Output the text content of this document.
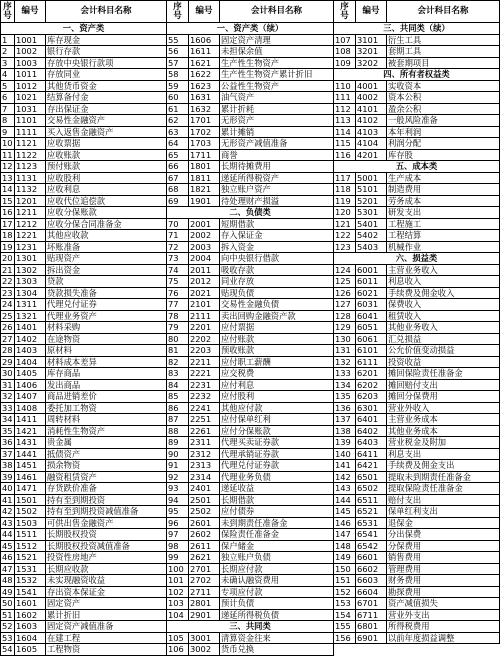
序
号	编号	会计科目名称
一、资产类		
1	1001	库存现金
2	1002	银行存款
3	1003	存放中央银行款项
4	1011	存放同业
5	1012	其他货币资金
6	1021	结算备付金
7	1031	存出保证金
8	1101	交易性金融资产
9	1111	买入返售金融资产
10	1121	应收票据
11	1122	应收账款
12	1123	预付账款
13	1131	应收股利
14	1132	应收利息
15	1201	应收代位追偿款
16	1211	应收分保账款
17	1212	应收分保合同准备金
18	1221	其他应收款
19	1231	坏账准备
20	1301	贴现资产
21	1302	拆出资金
22	1303	贷款
23	1304	贷款损失准备
24	1311	代理兑付证券
25	1321	代理业务资产
26	1401	材料采购
27	1402	在途物资
28	1403	原材料
29	1404	材料成本差异
30	1405	库存商品
31	1406	发出商品
32	1407	商品进销差价
33	1408	委托加工物资
34	1411	周转材料
35	1421	消耗性生物资产
36	1431	贵金属
37	1441	抵债资产
38	1451	损余物资
39	1461	融资租赁资产
40	1471	存货跌价准备
41	1501	持有至到期投资
42	1502	持有至到期投资减值准备
43	1503	可供出售金融资产
44	1511	长期股权投资
45	1512	长期股权投资减值准备
46	1521	投资性房地产
47	1531	长期应收款
48	1532	未实现融资收益
49	1541	存出资本保证金
50	1601	固定资产
51	1602	累计折旧
52	1603	固定资产减值准备
53	1604	在建工程
54	1605	工程物资
序
号	编号	会计科目名称
一、资产类（续）		
55	1606	固定资产清理
56	1611	未担保余值
57	1621	生产性生物资产
58	1622	生产性生物资产累计折旧
59	1623	公益性生物资产
60	1631	油气资产
61	1632	累计折耗
62	1701	无形资产
63	1702	累计摊销
64	1703	无形资产减值准备
65	1711	商誉
66	1801	长期待摊费用
67	1811	递延所得税资产
68	1821	独立账户资产
69	1901	待处理财产损溢
二、负债类		
70	2001	短期借款
71	2002	存入保证金
72	2003	拆入资金
73	2004	向中央银行借款
74	2011	吸收存款
75	2012	同业存放
76	2021	贴现负债
77	2101	交易性金融负债
78	2111	卖出回购金融资产款
79	2201	应付票据
80	2202	应付账款
81	2203	预收账款
82	2211	应付职工薪酬
83	2221	应交税费
84	2231	应付利息
85	2232	应付股利
86	2241	其他应付款
87	2251	应付保单红利
88	2261	应付分保账款
89	2311	代理买卖证券款
90	2312	代理承销证券款
91	2313	代理兑付证券款
92	2314	代理业务负债
93	2401	递延收益
94	2501	长期借款
95	2502	应付债券
96	2601	未到期责任准备金
97	2602	保险责任准备金
98	2611	保户储金
99	2621	独立账户负债
100	2701	长期应付款
101	2702	未确认融资费用
102	2711	专项应付款
103	2801	预计负债
104	2901	递延所得税负债
三、共同类		
105	3001	清算资金往来
106	3002	货币兑换
序
号	编号	会计科目名称
三、共同类（续）		
107	3101	衍生工具
108	3201	套期工具
109	3202	被套期项目
四、所有者权益类		
110	4001	实收资本
111	4002	资本公积
112	4101	盈余公积
113	4102	一般风险准备
114	4103	本年利润
115	4104	利润分配
116	4201	库存股
五、成本类		
117	5001	生产成本
118	5101	制造费用
119	5201	劳务成本
120	5301	研发支出
121	5401	工程施工
122	5402	工程结算
123	5403	机械作业
六、损益类		
124	6001	主营业务收入
125	6011	利息收入
126	6021	手续费及佣金收入
127	6031	保费收入
128	6041	租赁收入
129	6051	其他业务收入
130	6061	汇兑损益
131	6101	公允价值变动损益
132	6111	投资收益
133	6201	摊回保险责任准备金
134	6202	摊回赔付支出
135	6203	摊回分保费用
136	6301	营业外收入
137	6401	主营业务成本
138	6402	其他业务成本
139	6403	营业税金及附加
140	6411	利息支出
141	6421	手续费及佣金支出
142	6501	提取未到期责任准备金
143	6502	提取保险责任准备金
144	6511	赔付支出
145	6521	保单红利支出
146	6531	退保金
147	6541	分出保费
148	6542	分保费用
149	6601	销售费用
150	6602	管理费用
151	6603	财务费用
152	6604	勘探费用
153	6701	资产减值损失
154	6711	营业外支出
155	6801	所得税费用
156	6901	以前年度损益调整
